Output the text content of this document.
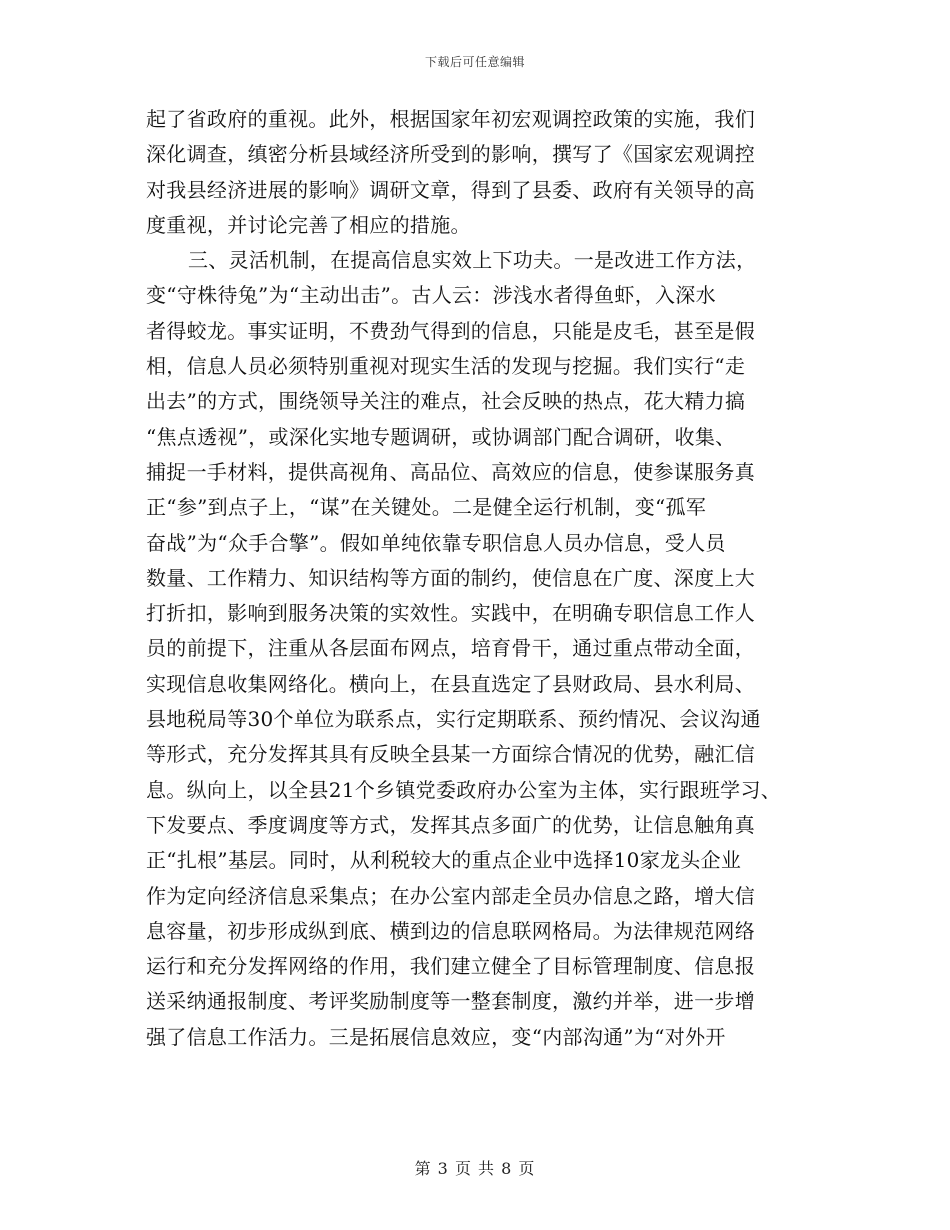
下载后可任意编辑
起了省政府的重视。此外，根据国家年初宏观调控政策的实施，我们
深化调查，缜密分析县域经济所受到的影响，撰写了《国家宏观调控
对我县经济进展的影响》调研文章，得到了县委、政府有关领导的高
度重视，并讨论完善了相应的措施。
三、灵活机制，在提高信息实效上下功夫。一是改进工作方法，
变“守株待兔”为“主动出击”。古人云：涉浅水者得鱼虾，入深水
者得蛟龙。事实证明，不费劲气得到的信息，只能是皮毛，甚至是假
相，信息人员必须特别重视对现实生活的发现与挖掘。我们实行“走
出去”的方式，围绕领导关注的难点，社会反映的热点，花大精力搞
“焦点透视”，或深化实地专题调研，或协调部门配合调研，收集、
捕捉一手材料，提供高视角、高品位、高效应的信息，使参谋服务真
正“参”到点子上，“谋”在关键处。二是健全运行机制，变“孤军
奋战”为“众手合擎”。假如单纯依靠专职信息人员办信息，受人员
数量、工作精力、知识结构等方面的制约，使信息在广度、深度上大
打折扣，影响到服务决策的实效性。实践中，在明确专职信息工作人
员的前提下，注重从各层面布网点，培育骨干，通过重点带动全面，
实现信息收集网络化。横向上，在县直选定了县财政局、县水利局、
县地税局等30个单位为联系点，实行定期联系、预约情况、会议沟通
等形式，充分发挥其具有反映全县某一方面综合情况的优势，融汇信
息。纵向上，以全县21个乡镇党委政府办公室为主体，实行跟班学习、
下发要点、季度调度等方式，发挥其点多面广的优势，让信息触角真
正“扎根”基层。同时，从利税较大的重点企业中选择10家龙头企业
作为定向经济信息采集点；在办公室内部走全员办信息之路，增大信
息容量，初步形成纵到底、横到边的信息联网格局。为法律规范网络
运行和充分发挥网络的作用，我们建立健全了目标管理制度、信息报
送采纳通报制度、考评奖励制度等一整套制度，激约并举，进一步增
强了信息工作活力。三是拓展信息效应，变“内部沟通”为“对外开
第 3 页 共 8 页
